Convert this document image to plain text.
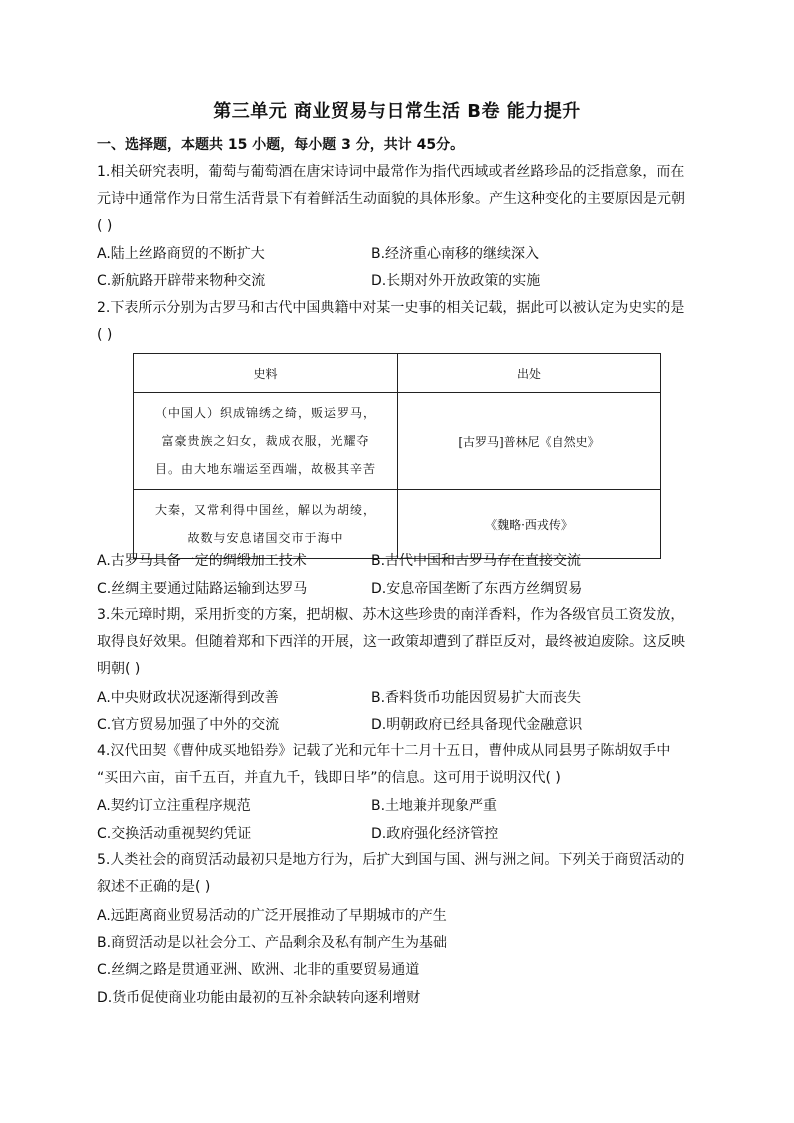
第三单元 商业贸易与日常生活 B卷 能力提升
一、选择题，本题共 15 小题，每小题 3 分，共计 45分。
1.相关研究表明，葡萄与葡萄酒在唐宋诗词中最常作为指代西域或者丝路珍品的泛指意象，而在
元诗中通常作为日常生活背景下有着鲜活生动面貌的具体形象。产生这种变化的主要原因是元朝
( )
A.陆上丝路商贸的不断扩大	B.经济重心南移的继续深入
C.新航路开辟带来物种交流	D.长期对外开放政策的实施
2.下表所示分别为古罗马和古代中国典籍中对某一史事的相关记载，据此可以被认定为史实的是
( )
史料	出处

（中国人）织成锦绣之绮，贩运罗马，
富豪贵族之妇女，裁成衣服，光耀夺
目。由大地东端运至西端，故极其辛苦	[古罗马]普林尼《自然史》

大秦，又常利得中国丝，解以为胡绫，
故数与安息诸国交市于海中	《魏略·西戎传》
A.古罗马具备一定的绸缎加工技术	B.古代中国和古罗马存在直接交流
C.丝绸主要通过陆路运输到达罗马	D.安息帝国垄断了东西方丝绸贸易
3.朱元璋时期，采用折变的方案，把胡椒、苏木这些珍贵的南洋香料，作为各级官员工资发放，
取得良好效果。但随着郑和下西洋的开展，这一政策却遭到了群臣反对，最终被迫废除。这反映
明朝( )
A.中央财政状况逐渐得到改善	B.香料货币功能因贸易扩大而丧失
C.官方贸易加强了中外的交流	D.明朝政府已经具备现代金融意识
4.汉代田契《曹仲成买地铅券》记载了光和元年十二月十五日，曹仲成从同县男子陈胡奴手中
“买田六亩，亩千五百，并直九千，钱即日毕”的信息。这可用于说明汉代( )
A.契约订立注重程序规范	B.土地兼并现象严重
C.交换活动重视契约凭证	D.政府强化经济管控
5.人类社会的商贸活动最初只是地方行为，后扩大到国与国、洲与洲之间。下列关于商贸活动的
叙述不正确的是( )
A.远距离商业贸易活动的广泛开展推动了早期城市的产生
B.商贸活动是以社会分工、产品剩余及私有制产生为基础
C.丝绸之路是贯通亚洲、欧洲、北非的重要贸易通道
D.货币促使商业功能由最初的互补余缺转向逐利增财
